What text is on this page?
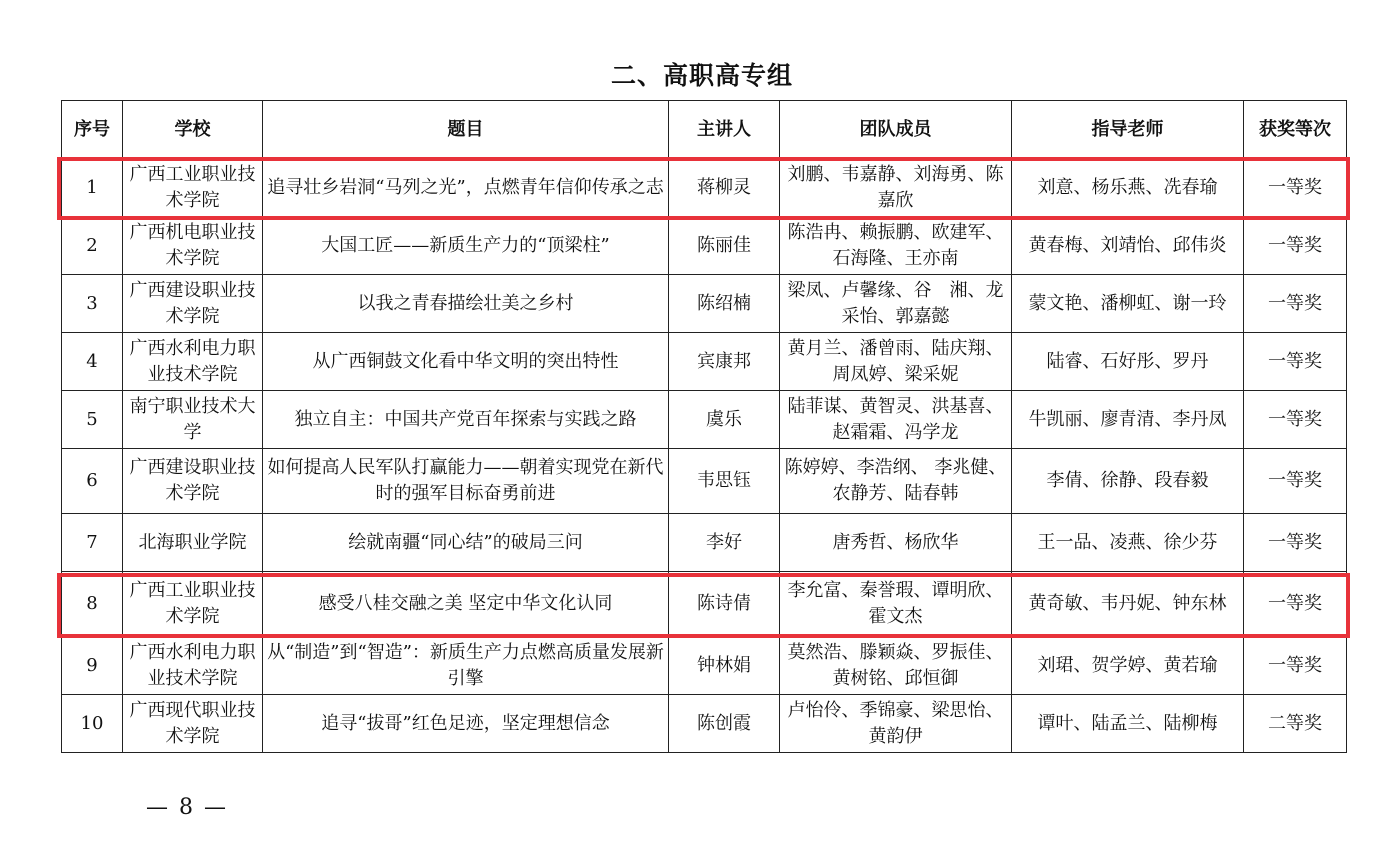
二、高职高专组
序号	学校	题目	主讲人	团队成员	指导老师	获奖等次
1	广西工业职业技术学院	追寻壮乡岩洞“马列之光”，点燃青年信仰传承之志	蒋柳灵	刘鹏、韦嘉静、刘海勇、陈嘉欣	刘意、杨乐燕、冼春瑜	一等奖
2	广西机电职业技术学院	大国工匠——新质生产力的“顶梁柱”	陈丽佳	陈浩冉、赖振鹏、欧建军、石海隆、王亦南	黄春梅、刘靖怡、邱伟炎	一等奖
3	广西建设职业技术学院	以我之青春描绘壮美之乡村	陈绍楠	梁凤、卢馨缘、谷　湘、龙采怡、郭嘉懿	蒙文艳、潘柳虹、谢一玲	一等奖
4	广西水利电力职业技术学院	从广西铜鼓文化看中华文明的突出特性	宾康邦	黄月兰、潘曾雨、陆庆翔、周凤婷、梁采妮	陆睿、石好彤、罗丹	一等奖
5	南宁职业技术大学	独立自主：中国共产党百年探索与实践之路	虞乐	陆菲谋、黄智灵、洪基喜、赵霜霜、冯学龙	牛凯丽、廖青清、李丹凤	一等奖
6	广西建设职业技术学院	如何提高人民军队打赢能力——朝着实现党在新代时的强军目标奋勇前进	韦思钰	陈婷婷、李浩纲、 李兆健、农静芳、陆春韩	李倩、徐静、段春毅	一等奖
7	北海职业学院	绘就南疆“同心结”的破局三问	李好	唐秀哲、杨欣华	王一品、凌燕、徐少芬	一等奖
8	广西工业职业技术学院	感受八桂交融之美 坚定中华文化认同	陈诗倩	李允富、秦誉瑕、谭明欣、霍文杰	黄奇敏、韦丹妮、钟东林	一等奖
9	广西水利电力职业技术学院	从“制造”到“智造”：新质生产力点燃高质量发展新引擎	钟林娟	莫然浩、滕颖焱、罗振佳、黄树铭、邱恒御	刘珺、贺学婷、黄若瑜	一等奖
10	广西现代职业技术学院	追寻“拔哥”红色足迹，坚定理想信念	陈创霞	卢怡伶、季锦豪、梁思怡、黄韵伊	谭叶、陆孟兰、陆柳梅	二等奖
— 8 —
